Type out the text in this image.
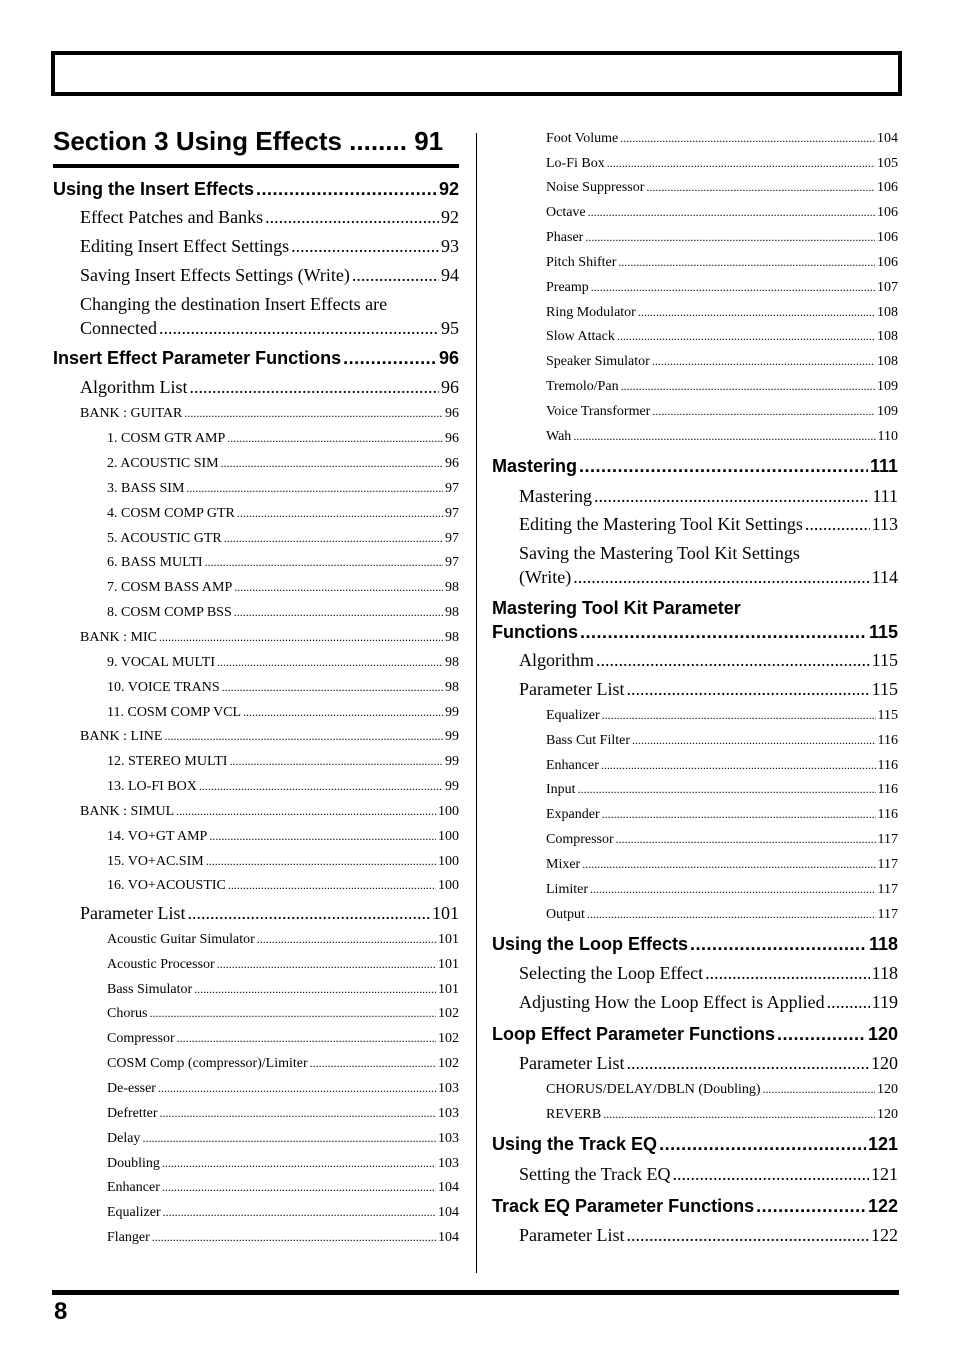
Section 3 Using Effects ........ 91
Using the Insert Effects .....	92
Effect Patches and Banks .....	92
Editing Insert Effect Settings .....	93
Saving Insert Effects Settings (Write) .....	94
Insert Effect Parameter Functions .....	96
Algorithm List .....	96
BANK : GUITAR .....	96
1. COSM GTR AMP .....	96
2. ACOUSTIC SIM .....	96
3. BASS SIM .....	97
4. COSM COMP GTR .....	97
5. ACOUSTIC GTR .....	97
6. BASS MULTI .....	97
7. COSM BASS AMP .....	98
8. COSM COMP BSS .....	98
BANK : MIC .....	98
9. VOCAL MULTI .....	98
10. VOICE TRANS .....	98
11. COSM COMP VCL .....	99
BANK : LINE .....	99
12. STEREO MULTI .....	99
13. LO-FI BOX .....	99
BANK : SIMUL .....	100
14. VO+GT AMP .....	100
15. VO+AC.SIM .....	100
16. VO+ACOUSTIC .....	100
Parameter List .....	101
Acoustic Guitar Simulator .....	101
Acoustic Processor .....	101
Bass Simulator .....	101
Chorus .....	102
Compressor .....	102
COSM Comp (compressor)/Limiter .....	102
De-esser .....	103
Defretter .....	103
Delay .....	103
Doubling .....	103
Enhancer .....	104
Equalizer .....	104
Flanger .....	104
Changing the destination Insert Effects are
Connected .....	95
Foot Volume .....	104
Lo-Fi Box .....	105
Noise Suppressor .....	106
Octave .....	106
Phaser .....	106
Pitch Shifter .....	106
Preamp .....	107
Ring Modulator .....	108
Slow Attack .....	108
Speaker Simulator .....	108
Tremolo/Pan .....	109
Voice Transformer .....	109
Wah .....	110
Mastering .....	111
Mastering .....	111
Editing the Mastering Tool Kit Settings .....	113
Algorithm .....	115
Parameter List .....	115
Equalizer .....	115
Bass Cut Filter .....	116
Enhancer .....	116
Input .....	116
Expander .....	116
Compressor .....	117
Mixer .....	117
Limiter .....	117
Output .....	117
Using the Loop Effects .....	118
Selecting the Loop Effect .....	118
Adjusting How the Loop Effect is Applied .....	119
Loop Effect Parameter Functions .....	120
Parameter List .....	120
CHORUS/DELAY/DBLN (Doubling) .....	120
REVERB .....	120
Using the Track EQ .....	121
Setting the Track EQ .....	121
Track EQ Parameter Functions .....	122
Parameter List .....	122
Saving the Mastering Tool Kit Settings
(Write) .....	114
Mastering Tool Kit Parameter
Functions .....	115
8
